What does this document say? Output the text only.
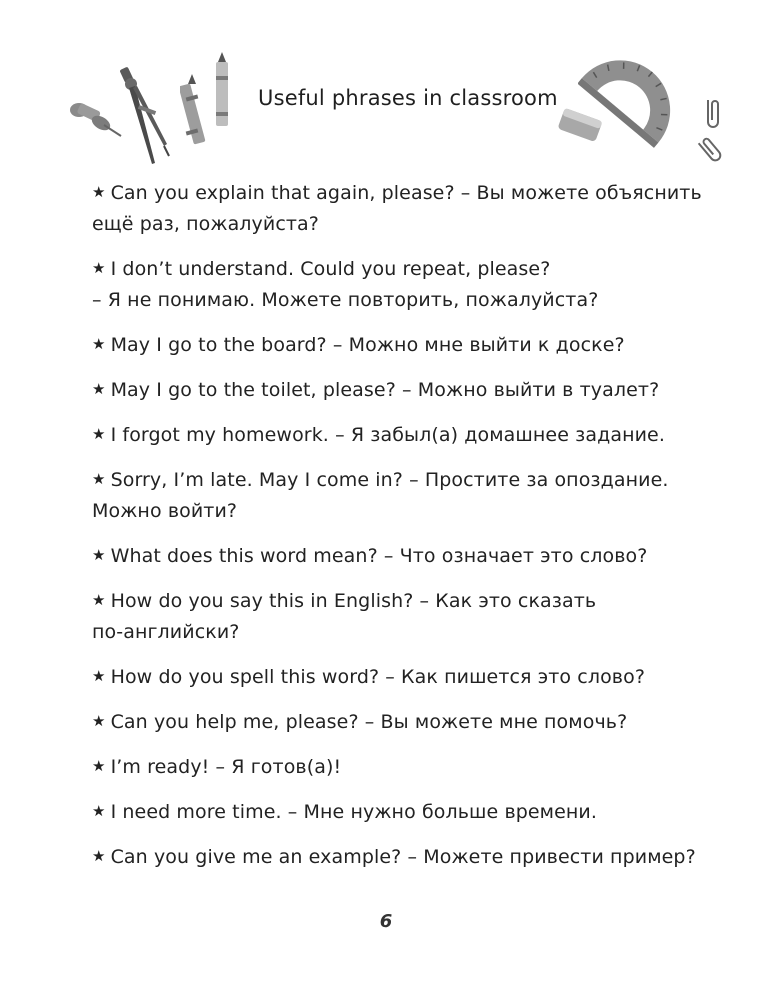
Useful phrases in classroom
★ Can you explain that again, please? – Вы можете объяснить
ещё раз, пожалуйста?
★ I don’t understand. Could you repeat, please?
– Я не понимаю. Можете повторить, пожалуйста?
★ May I go to the board? – Можно мне выйти к доске?
★ May I go to the toilet, please? – Можно выйти в туалет?
★ I forgot my homework. – Я забыл(а) домашнее задание.
★ Sorry, I’m late. May I come in? – Простите за опоздание.
Можно войти?
★ What does this word mean? – Что означает это слово?
★ How do you say this in English? – Как это сказать
по-английски?
★ How do you spell this word? – Как пишется это слово?
★ Can you help me, please? – Вы можете мне помочь?
★ I’m ready! – Я готов(а)!
★ I need more time. – Мне нужно больше времени.
★ Can you give me an example? – Можете привести пример?
6
